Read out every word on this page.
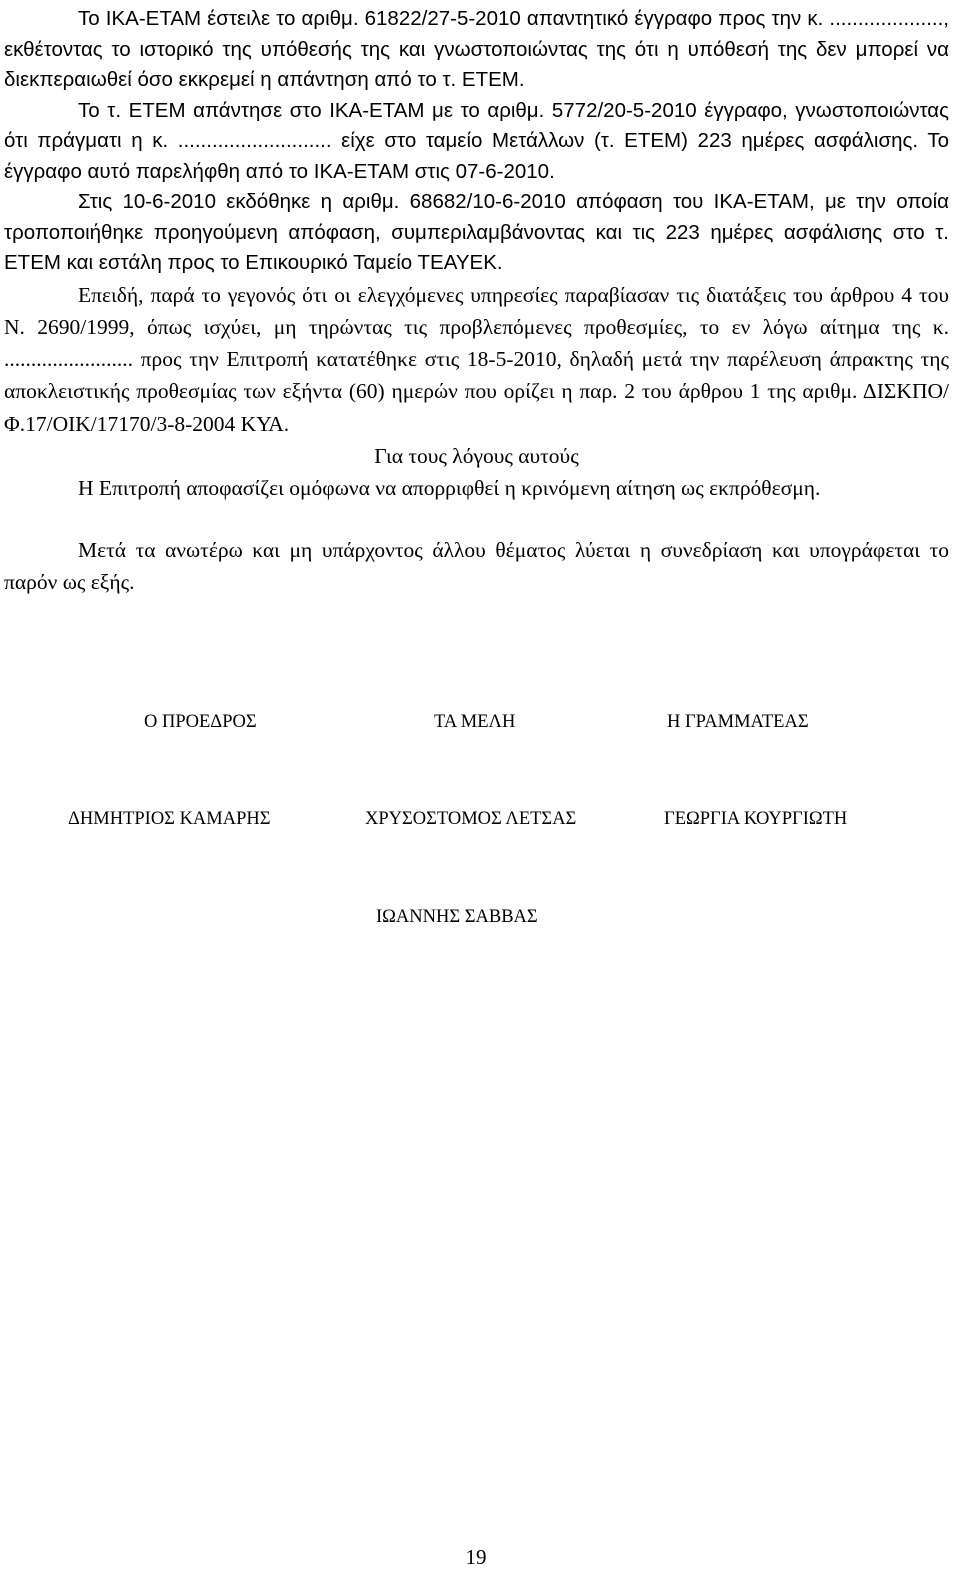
Το ΙΚΑ-ΕΤΑΜ έστειλε το αριθμ. 61822/27-5-2010 απαντητικό έγγραφο προς την κ. ...................., εκθέτοντας το ιστορικό της υπόθεσής της και γνωστοποιώντας της ότι η υπόθεσή της δεν μπορεί να διεκπεραιωθεί όσο εκκρεμεί η απάντηση από το τ. ΕΤΕΜ.

Το τ. ΕΤΕΜ απάντησε στο ΙΚΑ-ΕΤΑΜ με το αριθμ. 5772/20-5-2010 έγγραφο, γνωστοποιώντας ότι πράγματι η κ. ........................... είχε στο ταμείο Μετάλλων (τ. ΕΤΕΜ) 223 ημέρες ασφάλισης. Το έγγραφο αυτό παρελήφθη από το ΙΚΑ-ΕΤΑΜ στις 07-6-2010.

Στις 10-6-2010 εκδόθηκε η αριθμ. 68682/10-6-2010 απόφαση του ΙΚΑ-ΕΤΑΜ, με την οποία τροποποιήθηκε προηγούμενη απόφαση, συμπεριλαμβάνοντας και τις 223 ημέρες ασφάλισης στο τ. ΕΤΕΜ και εστάλη προς το Επικουρικό Ταμείο ΤΕΑΥΕΚ.

Επειδή, παρά το γεγονός ότι οι ελεγχόμενες υπηρεσίες παραβίασαν τις διατάξεις του άρθρου 4 του Ν. 2690/1999, όπως ισχύει, μη τηρώντας τις προβλεπόμενες προθεσμίες, το εν λόγω αίτημα της κ. ........................ προς την Επιτροπή κατατέθηκε στις 18-5-2010, δηλαδή μετά την παρέλευση άπρακτης της αποκλειστικής προθεσμίας των εξήντα (60) ημερών που ορίζει η παρ. 2 του άρθρου 1 της αριθμ. ΔΙΣΚΠΟ/Φ.17/ΟΙΚ/17170/3-8-2004 ΚΥΑ.

Για τους λόγους αυτούς

Η Επιτροπή αποφασίζει ομόφωνα να απορριφθεί η κρινόμενη αίτηση ως εκπρόθεσμη.

Μετά τα ανωτέρω και μη υπάρχοντος άλλου θέματος λύεται η συνεδρίαση και υπογράφεται το παρόν ως εξής.

Ο ΠΡΟΕΔΡΟΣ	ΤΑ ΜΕΛΗ	Η ΓΡΑΜΜΑΤΕΑΣ
ΔΗΜΗΤΡΙΟΣ ΚΑΜΑΡΗΣ	ΧΡΥΣΟΣΤΟΜΟΣ ΛΕΤΣΑΣ	ΓΕΩΡΓΙΑ ΚΟΥΡΓΙΩΤΗ
ΙΩΑΝΝΗΣ ΣΑΒΒΑΣ
19
